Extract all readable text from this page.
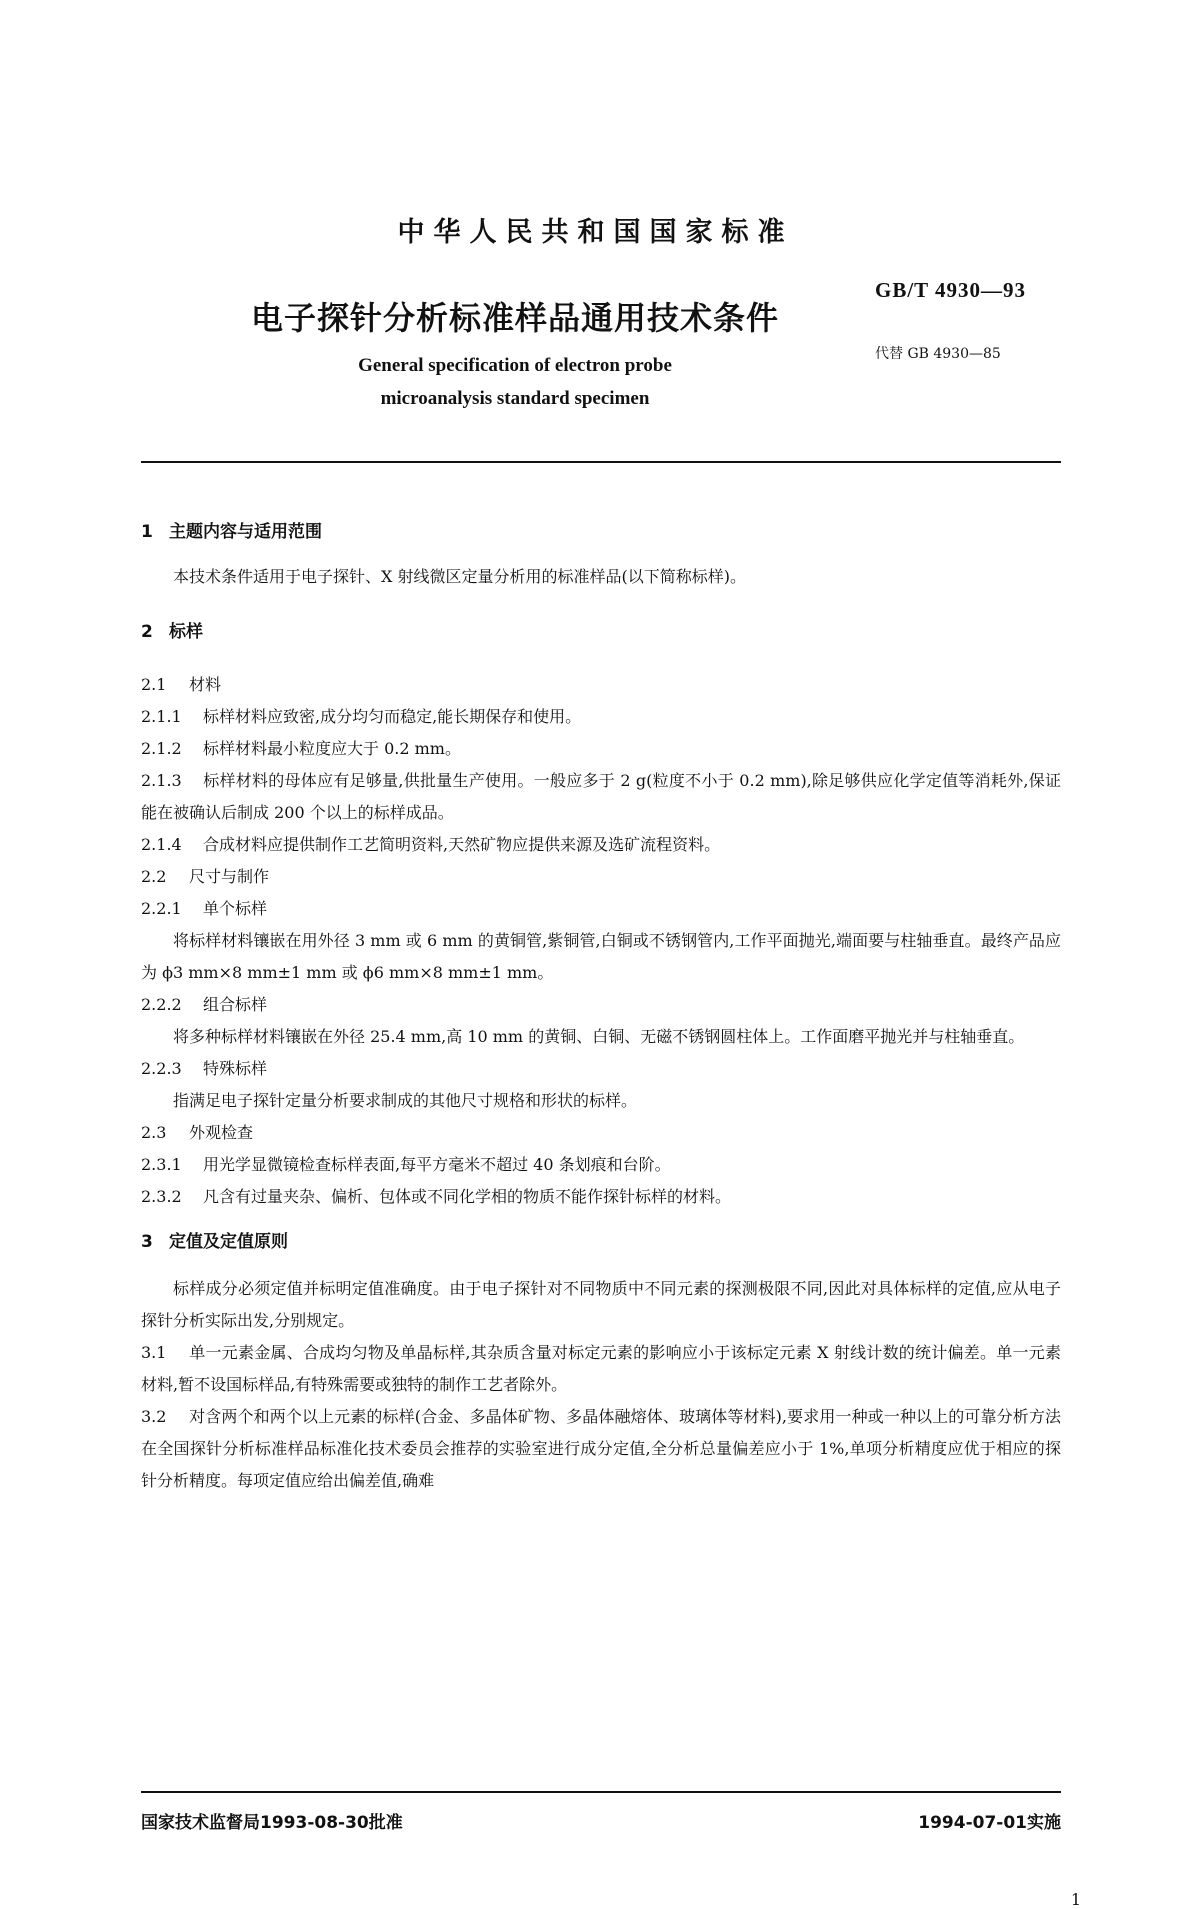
中华人民共和国国家标准
电子探针分析标准样品通用技术条件
General specification of electron probe
microanalysis standard specimen
GB/T 4930—93
代替 GB 4930—85
1 主题内容与适用范围
本技术条件适用于电子探针、X 射线微区定量分析用的标准样品(以下简称标样)。
2 标样
2.1 材料
2.1.1 标样材料应致密,成分均匀而稳定,能长期保存和使用。
2.1.2 标样材料最小粒度应大于 0.2 mm。
2.1.3 标样材料的母体应有足够量,供批量生产使用。一般应多于 2 g(粒度不小于 0.2 mm),除足够供应化学定值等消耗外,保证能在被确认后制成 200 个以上的标样成品。
2.1.4 合成材料应提供制作工艺简明资料,天然矿物应提供来源及选矿流程资料。
2.2 尺寸与制作
2.2.1 单个标样
将标样材料镶嵌在用外径 3 mm 或 6 mm 的黄铜管,紫铜管,白铜或不锈钢管内,工作平面抛光,端面要与柱轴垂直。最终产品应为 ϕ3 mm×8 mm±1 mm 或 ϕ6 mm×8 mm±1 mm。
2.2.2 组合标样
将多种标样材料镶嵌在外径 25.4 mm,高 10 mm 的黄铜、白铜、无磁不锈钢圆柱体上。工作面磨平抛光并与柱轴垂直。
2.2.3 特殊标样
指满足电子探针定量分析要求制成的其他尺寸规格和形状的标样。
2.3 外观检查
2.3.1 用光学显微镜检查标样表面,每平方毫米不超过 40 条划痕和台阶。
2.3.2 凡含有过量夹杂、偏析、包体或不同化学相的物质不能作探针标样的材料。
3 定值及定值原则
标样成分必须定值并标明定值准确度。由于电子探针对不同物质中不同元素的探测极限不同,因此对具体标样的定值,应从电子探针分析实际出发,分别规定。
3.1 单一元素金属、合成均匀物及单晶标样,其杂质含量对标定元素的影响应小于该标定元素 X 射线计数的统计偏差。单一元素材料,暂不设国标样品,有特殊需要或独特的制作工艺者除外。
3.2 对含两个和两个以上元素的标样(合金、多晶体矿物、多晶体融熔体、玻璃体等材料),要求用一种或一种以上的可靠分析方法在全国探针分析标准样品标准化技术委员会推荐的实验室进行成分定值,全分析总量偏差应小于 1%,单项分析精度应优于相应的探针分析精度。每项定值应给出偏差值,确难
国家技术监督局1993-08-30批准	1994-07-01实施
1
